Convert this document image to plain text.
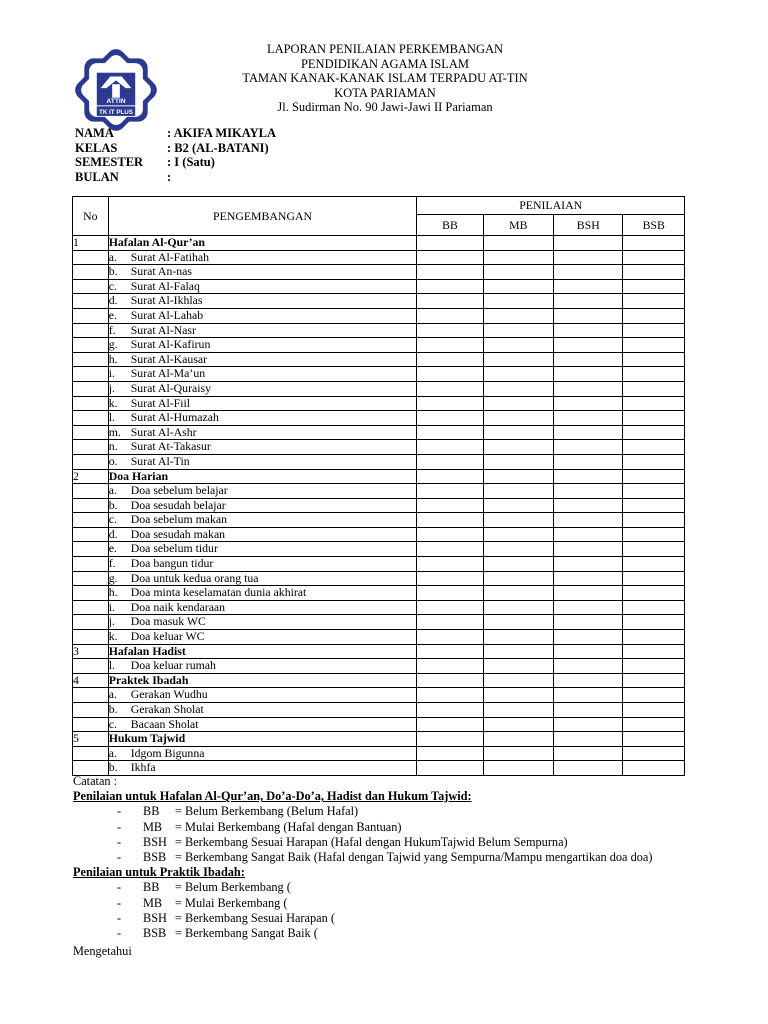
ATTIN
TK IT PLUS
LAPORAN PENILAIAN PERKEMBANGAN
PENDIDIKAN AGAMA ISLAM
TAMAN KANAK-KANAK ISLAM TERPADU AT-TIN
KOTA PARIAMAN
Jl. Sudirman No. 90 Jawi-Jawi II Pariaman
NAMA	: AKIFA MIKAYLA
KELAS	: B2 (AL-BATANI)
SEMESTER : I (Satu)
BULAN	:
No	PENGEMBANGAN	PENILAIAN			
		BB	MB	BSH	BSB
1	Hafalan Al-Qur’an				
	a. Surat Al-Fatihah				
	b. Surat An-nas				
	c. Surat Al-Falaq				
	d. Surat Al-Ikhlas				
	e. Surat Al-Lahab				
	f. Surat Al-Nasr				
	g. Surat Al-Kafirun				
	h. Surat Al-Kausar				
	i. Surat Al-Ma’un				
	j. Surat Al-Quraisy				
	k. Surat Al-Fiil				
	l. Surat Al-Humazah				
	m. Surat Al-Ashr				
	n. Surat At-Takasur				
	o. Surat Al-Tin				
2	Doa Harian				
	a. Doa sebelum belajar				
	b. Doa sesudah belajar				
	c. Doa sebelum makan				
	d. Doa sesudah makan				
	e. Doa sebelum tidur				
	f. Doa bangun tidur				
	g. Doa untuk kedua orang tua				
	h. Doa minta keselamatan dunia akhirat				
	i. Doa naik kendaraan				
	j. Doa masuk WC				
	k. Doa keluar WC				
3	Hafalan Hadist				
	l. Doa keluar rumah				
4	Praktek Ibadah				
	a. Gerakan Wudhu				
	b. Gerakan Sholat				
	c. Bacaan Sholat				
5	Hukum Tajwid				
	a. Idgom Bigunna				
	b. Ikhfa				
Catatan :
Penilaian untuk Hafalan Al-Qur’an, Do’a-Do’a, Hadist dan Hukum Tajwid:
- BB = Belum Berkembang (Belum Hafal)
- MB = Mulai Berkembang (Hafal dengan Bantuan)
- BSH = Berkembang Sesuai Harapan (Hafal dengan HukumTajwid Belum Sempurna)
- BSB = Berkembang Sangat Baik (Hafal dengan Tajwid yang Sempurna/Mampu mengartikan doa doa)
Penilaian untuk Praktik Ibadah:
- BB = Belum Berkembang (
- MB = Mulai Berkembang (
- BSH = Berkembang Sesuai Harapan (
- BSB = Berkembang Sangat Baik (
Mengetahui
